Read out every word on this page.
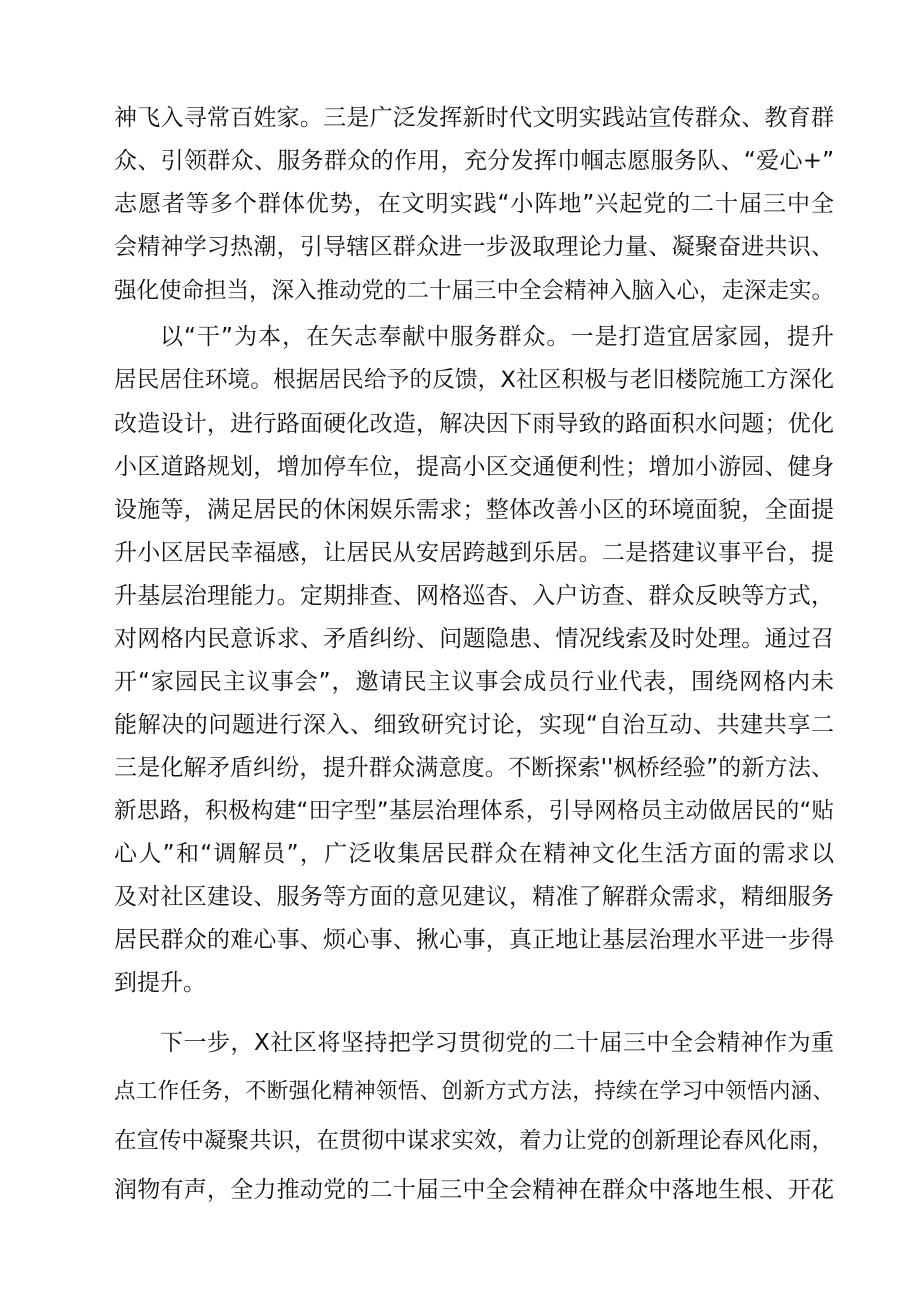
神飞入寻常百姓家。三是广泛发挥新时代文明实践站宣传群众、教育群
众、引领群众、服务群众的作用，充分发挥巾帼志愿服务队、“爱心+”
志愿者等多个群体优势，在文明实践“小阵地”兴起党的二十届三中全
会精神学习热潮，引导辖区群众进一步汲取理论力量、凝聚奋进共识、
强化使命担当，深入推动党的二十届三中全会精神入脑入心，走深走实。
以“干”为本，在矢志奉献中服务群众。一是打造宜居家园，提升
居民居住环境。根据居民给予的反馈，X社区积极与老旧楼院施工方深化
改造设计，进行路面硬化改造，解决因下雨导致的路面积水问题；优化
小区道路规划，增加停车位，提高小区交通便利性；增加小游园、健身
设施等，满足居民的休闲娱乐需求；整体改善小区的环境面貌，全面提
升小区居民幸福感，让居民从安居跨越到乐居。二是搭建议事平台，提
升基层治理能力。定期排查、网格巡杳、入户访查、群众反映等方式，
对网格内民意诉求、矛盾纠纷、问题隐患、情况线索及时处理。通过召
开“家园民主议事会”，邀请民主议事会成员行业代表，围绕网格内未
能解决的问题进行深入、细致研究讨论，实现“自治互动、共建共享二
三是化解矛盾纠纷，提升群众满意度。不断探索''枫桥经验”的新方法、
新思路，积极构建“田字型”基层治理体系，引导网格员主动做居民的“贴
心人”和“调解员”，广泛收集居民群众在精神文化生活方面的需求以
及对社区建设、服务等方面的意见建议，精准了解群众需求，精细服务
居民群众的难心事、烦心事、揪心事，真正地让基层治理水平进一步得
到提升。
下一步，X社区将坚持把学习贯彻党的二十届三中全会精神作为重
点工作任务，不断强化精神领悟、创新方式方法，持续在学习中领悟内涵、
在宣传中凝聚共识，在贯彻中谋求实效，着力让党的创新理论春风化雨，
润物有声，全力推动党的二十届三中全会精神在群众中落地生根、开花
